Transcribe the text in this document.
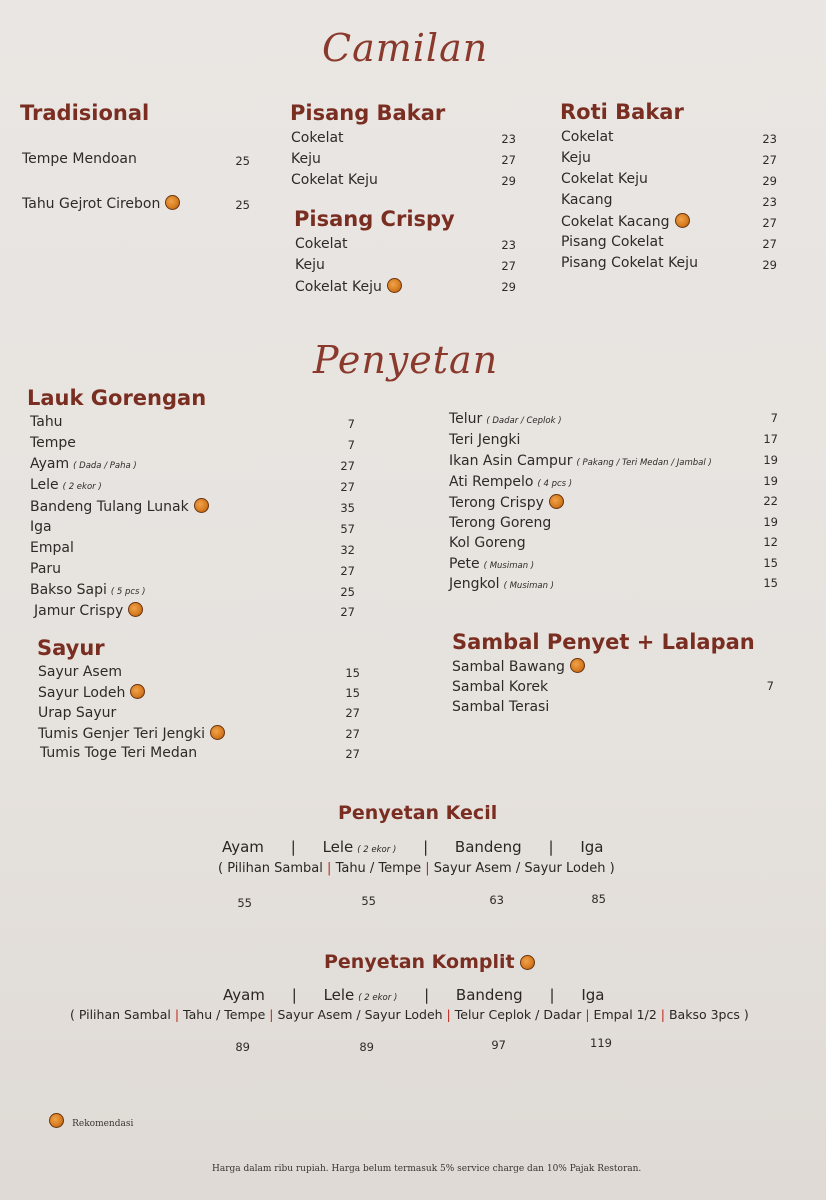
Camilan
Tradisional
Tempe Mendoan	25
Tahu Gejrot Cirebon	25
Pisang Bakar
Cokelat	23
Keju	27
Cokelat Keju	29
Pisang Crispy
Cokelat	23
Keju	27
Cokelat Keju	29
Roti Bakar
Cokelat	23
Keju	27
Cokelat Keju	29
Kacang	23
Cokelat Kacang	27
Pisang Cokelat	27
Pisang Cokelat Keju	29
Penyetan
Lauk Gorengan
Tahu	7
Tempe	7
Ayam ( Dada / Paha )	27
Lele ( 2 ekor )	27
Bandeng Tulang Lunak	35
Iga	57
Empal	32
Paru	27
Bakso Sapi ( 5 pcs )	25
Jamur Crispy	27
Telur ( Dadar / Ceplok )	7
Teri Jengki	17
Ikan Asin Campur ( Pakang / Teri Medan / Jambal )	19
Ati Rempelo ( 4 pcs )	19
Terong Crispy	22
Terong Goreng	19
Kol Goreng	12
Pete ( Musiman )	15
Jengkol ( Musiman )	15
Sayur
Sayur Asem	15
Sayur Lodeh	15
Urap Sayur	27
Tumis Genjer Teri Jengki	27
Tumis Toge Teri Medan	27
Sambal Penyet + Lalapan
Sambal Bawang
Sambal Korek	7
Sambal Terasi
Penyetan Kecil
Ayam | Lele ( 2 ekor ) | Bandeng | Iga
( Pilihan Sambal | Tahu / Tempe | Sayur Asem / Sayur Lodeh )
55	55	63	85
Penyetan Komplit
Ayam | Lele ( 2 ekor ) | Bandeng | Iga
( Pilihan Sambal | Tahu / Tempe | Sayur Asem / Sayur Lodeh | Telur Ceplok / Dadar | Empal 1/2 | Bakso 3pcs )
89	89	97	119
Rekomendasi
Harga dalam ribu rupiah. Harga belum termasuk 5% service charge dan 10% Pajak Restoran.
